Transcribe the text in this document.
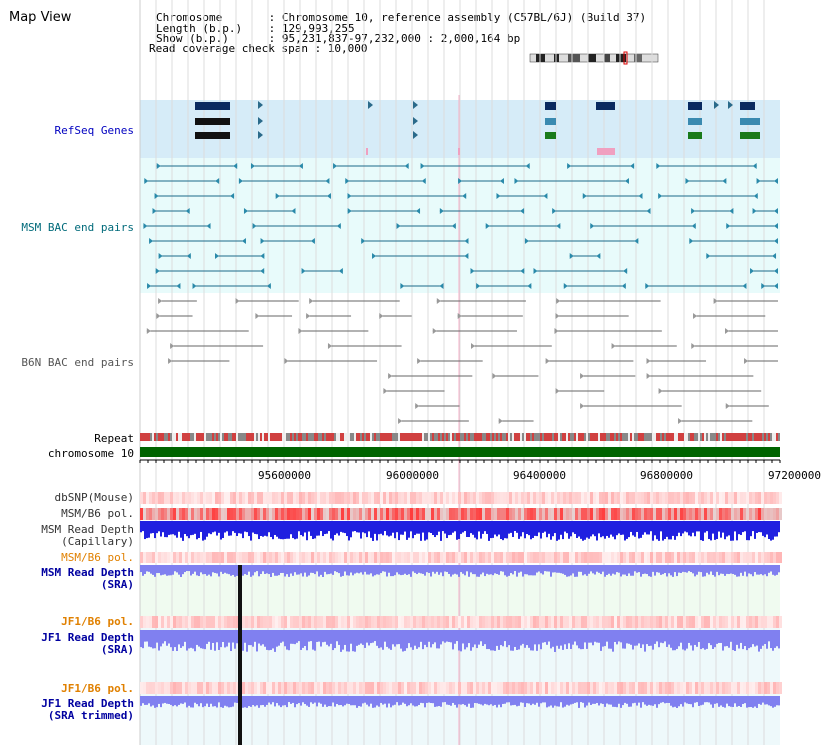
Map View	Chromosome       : Chromosome 10, reference assembly (C57BL/6J) (Build 37)
Length (b.p.)    : 129,993,255
Show (b.p.)      : 95,231,837-97,232,000 : 2,000,164 bp
Read coverage check span : 10,000
RefSeq Genes
MSM BAC end pairs
B6N BAC end pairs
Repeat
chromosome 10
dbSNP(Mouse)
MSM/B6 pol.
MSM Read Depth
(Capillary)
MSM/B6 pol.
MSM Read Depth
(SRA)
JF1/B6 pol.
JF1 Read Depth
(SRA)
JF1/B6 pol.
JF1 Read Depth
(SRA trimmed)
95600000	96000000	96400000	96800000	97200000
